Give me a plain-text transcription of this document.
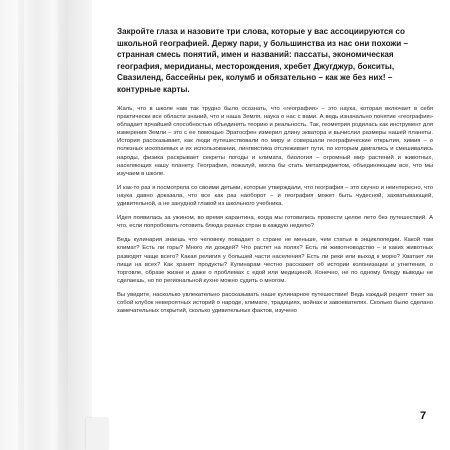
Закройте глаза и назовите три слова, которые у вас ассоциируются со школьной географией. Держу пари, у большинства из нас они похожи – странная смесь понятий, имен и названий: пассаты, экономическая география, меридианы, месторождения, хребет Джугджур, бокситы, Свазиленд, бассейны рек, колумб и обязательно – как же без них! – контурные карты.

Жаль, что в школе нам так трудно было осознать, что «география» – это наука, которая включает в себя практически все области знаний, что и наша Земля, наука о нас с вами. А ведь изначально понятие «география» обладает ярчайшей способностью объединять теорию и реальность. Так, геометрия родилась как инструмент для измерения Земли – это с ее помощью Эратосфен измерил длину экватора и вычислил размеры нашей планеты. История рассказывает, как люди путешествовали по миру и совершали географические открытия, химия – о полезных ископаемых и их использовании, лингвистика отслеживает пути, по которым двигались и смешивались народы, физика раскрывает секреты погоды и климата, биология – огромный мир растений и животных, населяющих нашу планету. География, пожалуй, могла бы стать метапредметом, объединяющим все, что мы изучаем в школе.

И как-то раз я посмотрела со своими детьми, которые утверждали, что география – это скучно и неинтересно, что наука давно доказала, что все как раз наоборот – и география может быть чудесной, захватывающей, удивительной, а не занудной главой из школьного учебника.

Идея появилась за ужином, во время карантина, когда мы готовились провести целое лето без путешествий. А что, если попробовать готовить блюда разных стран в каждую неделю?

Ведь кулинария знаешь что человеку повадает о стране не меньше, чем статьи в энциклопедии. Какой там климат? Есть ли горы? Много ли дождей? Что растет на полях? Есть ли животноводство – и каких животных разводят чаще всего? Какая религия у большей части населения? Есть ли реки или выход к морю? Хватает ли пищи на всех? Как хранят продукты? Кулинарам честно расскажет об истории колонизации и угнетения, о торговле, образе жизни и даже о проблемах с едой или медициной. Конечно, не по одному блюду выводы не сделаешь, но по региональной кухне можно судить о многом.

Вы увидите, насколько увлекательно рассказывать наше кулинарное путешествие! Ведь каждый рецепт тянет за собой клубок невероятных историй о народе, климате, традициях, войнах и завоевателях. Сколько было сделано замечательных открытий, сколько удивительных фактов, изучено

7
